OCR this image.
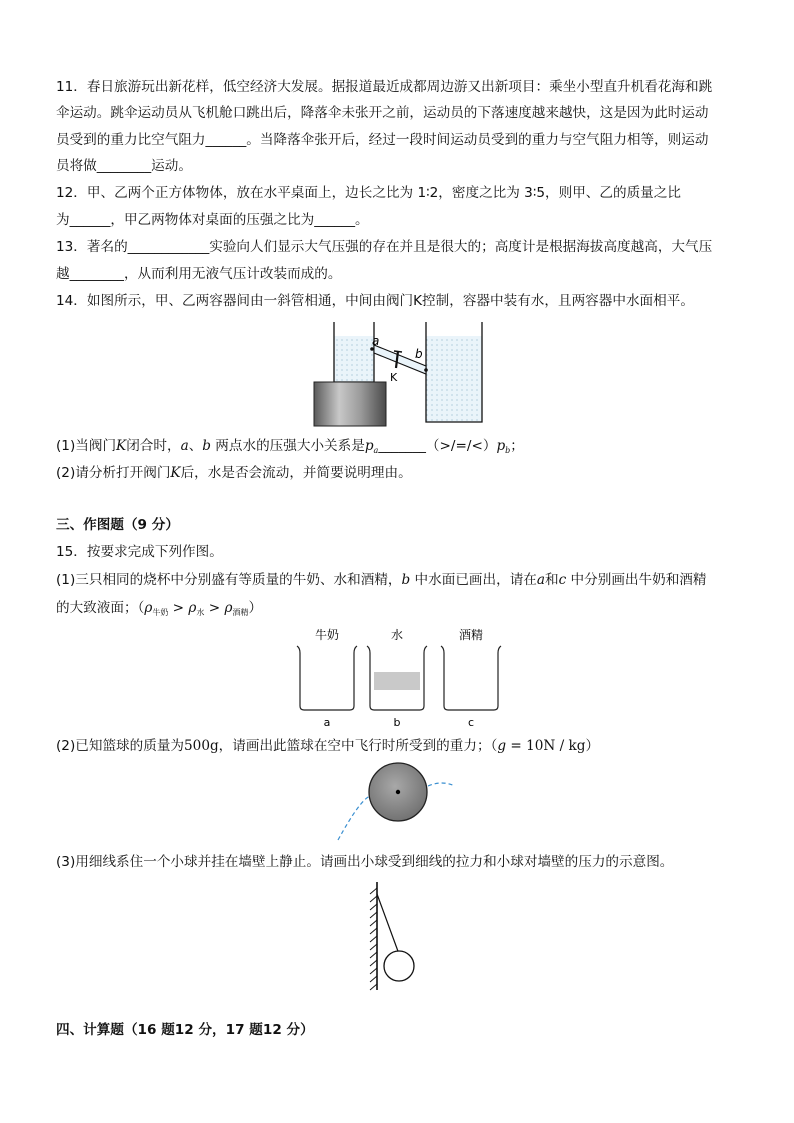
11．春日旅游玩出新花样，低空经济大发展。据报道最近成都周边游又出新项目：乘坐小型直升机看花海和跳
伞运动。跳伞运动员从飞机舱口跳出后，降落伞未张开之前，运动员的下落速度越来越快，这是因为此时运动
员受到的重力比空气阻力______。当降落伞张开后，经过一段时间运动员受到的重力与空气阻力相等，则运动
员将做________运动。
12．甲、乙两个正方体物体，放在水平桌面上，边长之比为 1∶2，密度之比为 3∶5，则甲、乙的质量之比
为______，甲乙两物体对桌面的压强之比为______。
13．著名的____________实验向人们显示大气压强的存在并且是很大的；高度计是根据海拔高度越高，大气压
越________，从而利用无液气压计改装而成的。
14．如图所示，甲、乙两容器间由一斜管相通，中间由阀门K控制，容器中装有水，且两容器中水面相平。
a
b
K
(1)当阀门K闭合时，a、b 两点水的压强大小关系是$p_a\_\_\_\_\_\_\_(>/=/<)p_b$；
(2)请分析打开阀门K后，水是否会流动，并简要说明理由。
三、作图题（9 分）
15．按要求完成下列作图。
(1)三只相同的烧杯中分别盛有等质量的牛奶、水和酒精，b 中水面已画出，请在a和c 中分别画出牛奶和酒精
的大致液面；$(\rho_{牛奶} > \rho_水 > \rho_{酒精})$
牛奶
a
水
b
酒精
c
(2)已知篮球的质量为500g，请画出此篮球在空中飞行时所受到的重力；（g = 10N / kg）
(3)用细线系住一个小球并挂在墙壁上静止。请画出小球受到细线的拉力和小球对墙壁的压力的示意图。
四、计算题（16 题12 分，17 题12 分）
